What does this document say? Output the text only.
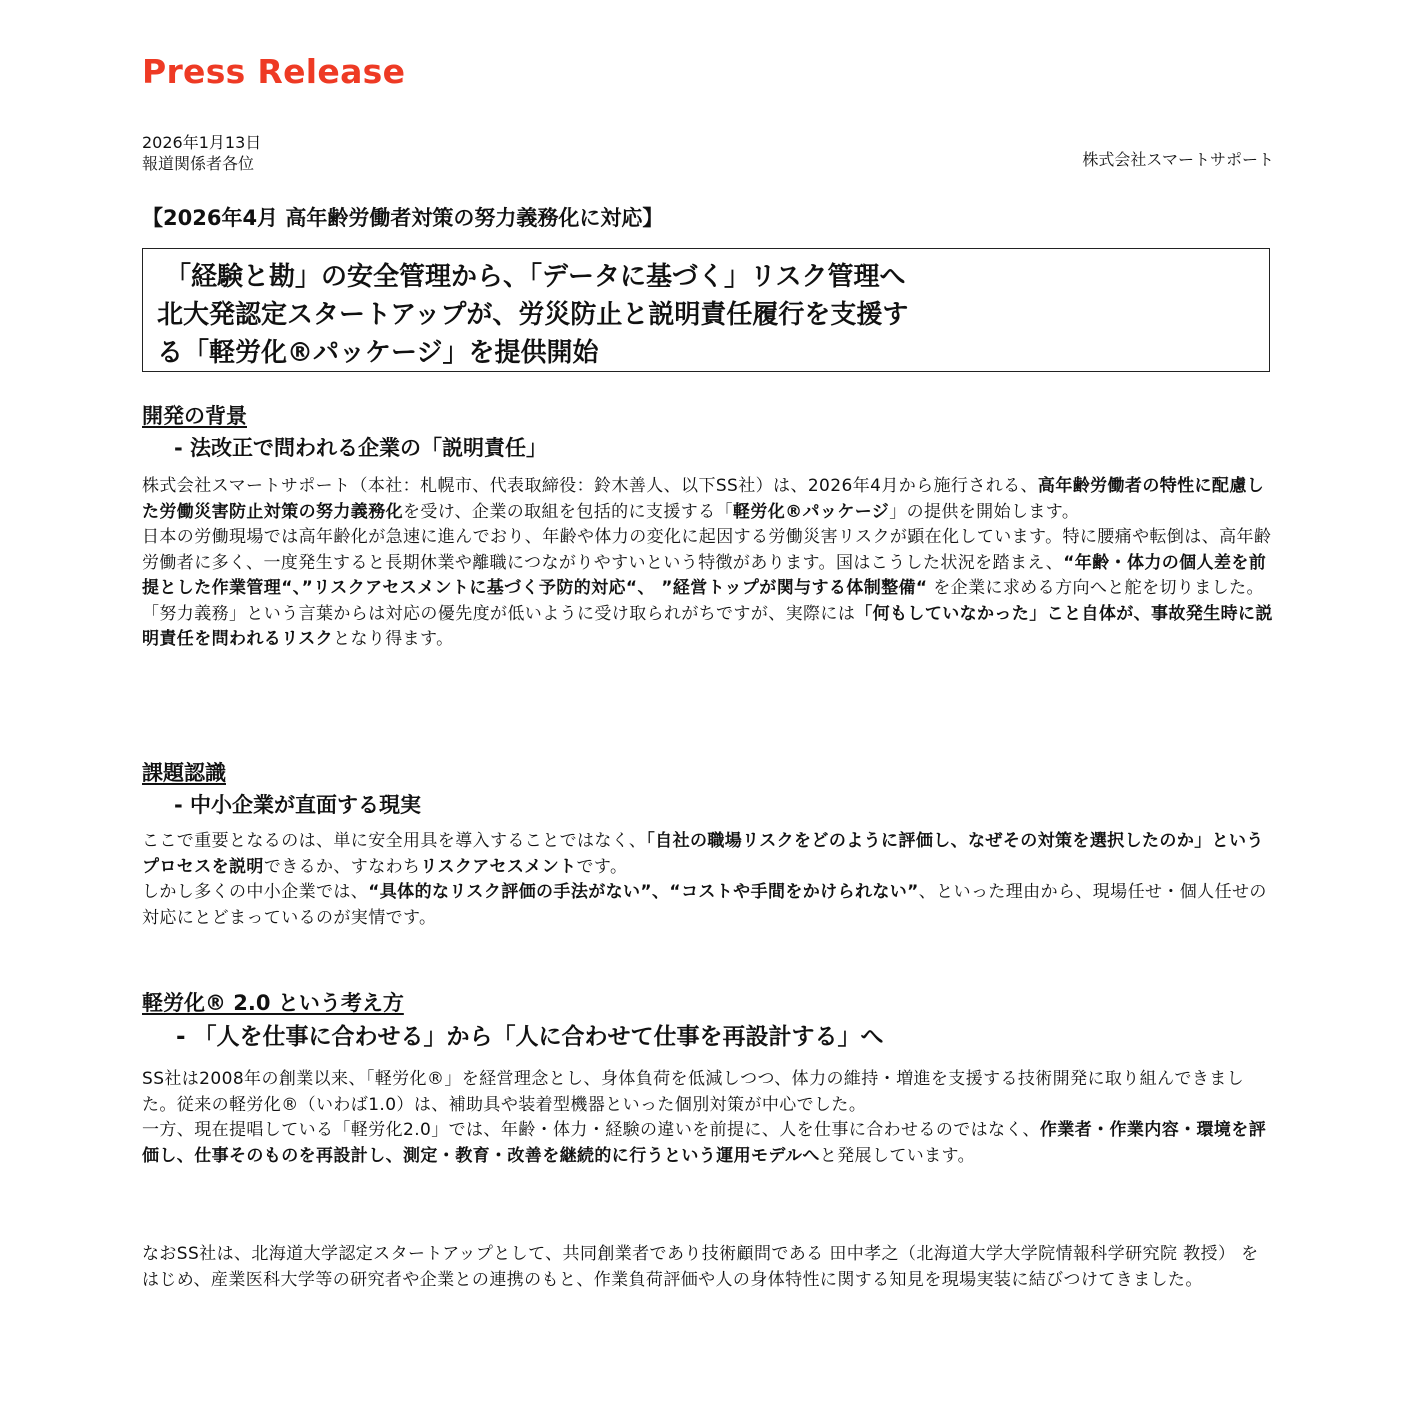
Press Release
2026年1月13日
報道関係者各位	株式会社スマートサポート
【2026年4月 高年齢労働者対策の努力義務化に対応】
「経験と勘」の安全管理から、「データに基づく」リスク管理へ
北大発認定スタートアップが、労災防止と説明責任履行を支援す
る「軽労化®パッケージ」を提供開始
開発の背景
- 法改正で問われる企業の「説明責任」

株式会社スマートサポート（本社：札幌市、代表取締役：鈴木善人、以下SS社）は、2026年4月から施行される、高年齢労働者の特性に配慮した労働災害防止対策の努力義務化を受け、企業の取組を包括的に支援する「軽労化®パッケージ」の提供を開始します。

日本の労働現場では高年齢化が急速に進んでおり、年齢や体力の変化に起因する労働災害リスクが顕在化しています。特に腰痛や転倒は、高年齢労働者に多く、一度発生すると長期休業や離職につながりやすいという特徴があります。国はこうした状況を踏まえ、“年齢・体力の個人差を前提とした作業管理“、”リスクアセスメントに基づく予防的対応“、 ”経営トップが関与する体制整備“ を企業に求める方向へと舵を切りました。「努力義務」という言葉からは対応の優先度が低いように受け取られがちですが、実際には「何もしていなかった」こと自体が、事故発生時に説明責任を問われるリスクとなり得ます。

課題認識
- 中小企業が直面する現実

ここで重要となるのは、単に安全用具を導入することではなく、「自社の職場リスクをどのように評価し、なぜその対策を選択したのか」というプロセスを説明できるか、すなわちリスクアセスメントです。

しかし多くの中小企業では、“具体的なリスク評価の手法がない”、“コストや手間をかけられない”、といった理由から、現場任せ・個人任せの対応にとどまっているのが実情です。

軽労化® 2.0 という考え方
- 「人を仕事に合わせる」から「人に合わせて仕事を再設計する」へ

SS社は2008年の創業以来、「軽労化®」を経営理念とし、身体負荷を低減しつつ、体力の維持・増進を支援する技術開発に取り組んできました。従来の軽労化®（いわば1.0）は、補助具や装着型機器といった個別対策が中心でした。

一方、現在提唱している「軽労化2.0」では、年齢・体力・経験の違いを前提に、人を仕事に合わせるのではなく、作業者・作業内容・環境を評価し、仕事そのものを再設計し、測定・教育・改善を継続的に行うという運用モデルへと発展しています。

なおSS社は、北海道大学認定スタートアップとして、共同創業者であり技術顧問である 田中孝之（北海道大学大学院情報科学研究院 教授） をはじめ、産業医科大学等の研究者や企業との連携のもと、作業負荷評価や人の身体特性に関する知見を現場実装に結びつけてきました。
